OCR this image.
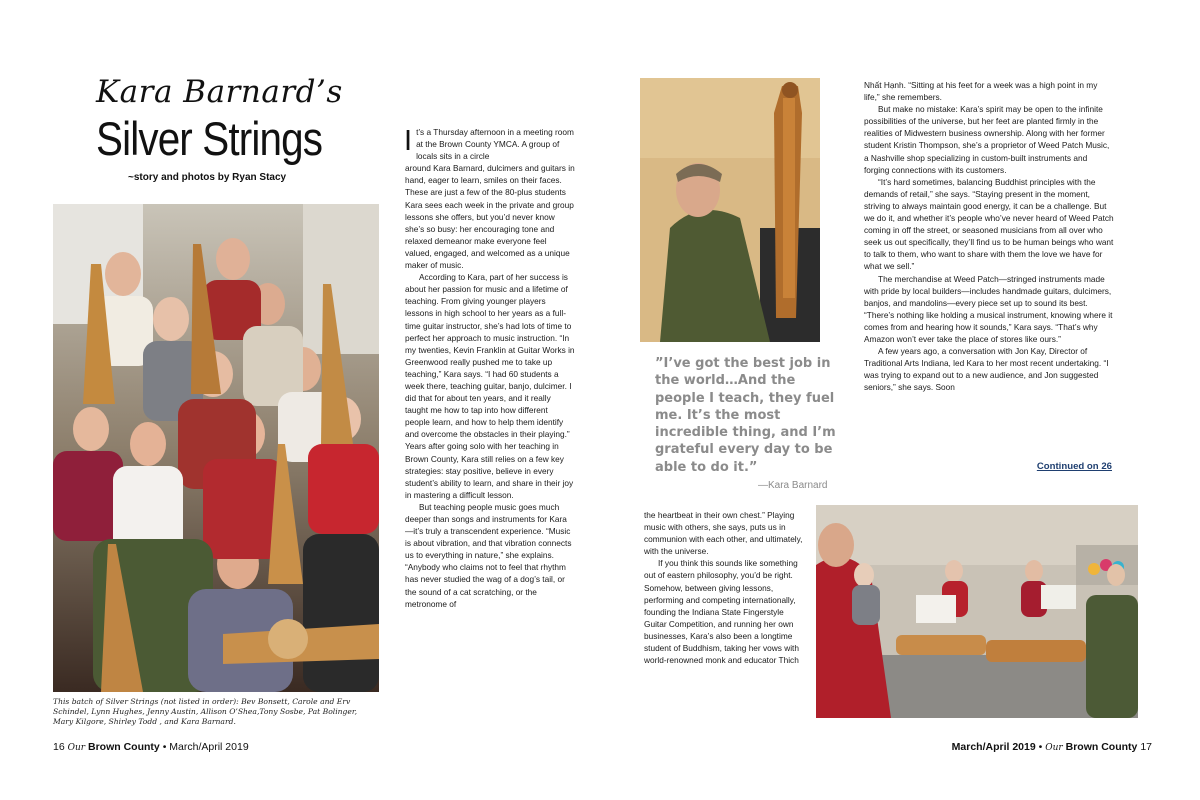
Kara Barnard’s
Silver Strings
~story and photos by Ryan Stacy
This batch of Silver Strings (not listed in order): Bev Bonsett, Carole and Erv Schindel, Lynn Hughes, Jenny Austin, Allison O’Shea,Tony Sosbe, Pat Bolinger, Mary Kilgore, Shirley Todd , and Kara Barnard.

I t’s a Thursday afternoon in a meeting room at the Brown County YMCA. A group of locals sits in a circle
around Kara Barnard, dulcimers and guitars in hand, eager to learn, smiles on their faces. These are just a few of the 80-plus students Kara sees each week in the private and group lessons she offers, but you’d never know she’s so busy: her encouraging tone and relaxed demeanor make everyone feel valued, engaged, and welcomed as a unique maker of music.

According to Kara, part of her success is about her passion for music and a lifetime of teaching. From giving younger players lessons in high school to her years as a full-time guitar instructor, she’s had lots of time to perfect her approach to music instruction. “In my twenties, Kevin Franklin at Guitar Works in Greenwood really pushed me to take up teaching,” Kara says. “I had 60 students a week there, teaching guitar, banjo, dulcimer. I did that for about ten years, and it really taught me how to tap into how different people learn, and how to help them identify and overcome the obstacles in their playing.” Years after going solo with her teaching in Brown County, Kara still relies on a few key strategies: stay positive, believe in every student’s ability to learn, and share in their joy in mastering a difficult lesson.

But teaching people music goes much deeper than songs and instruments for Kara—it’s truly a transcendent experience. “Music is about vibration, and that vibration connects us to everything in nature,” she explains. “Anybody who claims not to feel that rhythm has never studied the wag of a dog’s tail, or the sound of a cat scratching, or the metronome of

”I’ve got the best job in the world…And the people I teach, they fuel me. It’s the most incredible thing, and I’m grateful every day to be able to do it.”
—Kara Barnard

the heartbeat in their own chest.” Playing music with others, she says, puts us in communion with each other, and ultimately, with the universe.

If you think this sounds like something out of eastern philosophy, you’d be right. Somehow, between giving lessons, performing and competing internationally, founding the Indiana State Fingerstyle Guitar Competition, and running her own businesses, Kara’s also been a longtime student of Buddhism, taking her vows with world-renowned monk and educator Thich

Nhất Hạnh. “Sitting at his feet for a week was a high point in my life,” she remembers.

But make no mistake: Kara’s spirit may be open to the infinite possibilities of the universe, but her feet are planted firmly in the realities of Midwestern business ownership. Along with her former student Kristin Thompson, she’s a proprietor of Weed Patch Music, a Nashville shop specializing in custom-built instruments and forging connections with its customers.

“It’s hard sometimes, balancing Buddhist principles with the demands of retail,” she says. “Staying present in the moment, striving to always maintain good energy, it can be a challenge. But we do it, and whether it’s people who’ve never heard of Weed Patch coming in off the street, or seasoned musicians from all over who seek us out specifically, they’ll find us to be human beings who want to talk to them, who want to share with them the love we have for what we sell.”

The merchandise at Weed Patch—stringed instruments made with pride by local builders—includes handmade guitars, dulcimers, banjos, and mandolins—every piece set up to sound its best. “There’s nothing like holding a musical instrument, knowing where it comes from and hearing how it sounds,” Kara says. “That’s why Amazon won’t ever take the place of stores like ours.”

A few years ago, a conversation with Jon Kay, Director of Traditional Arts Indiana, led Kara to her most recent undertaking. “I was trying to expand out to a new audience, and Jon suggested seniors,” she says. Soon

Continued on 26
16 Our Brown County • March/April 2019	March/April 2019 • Our Brown County 17
